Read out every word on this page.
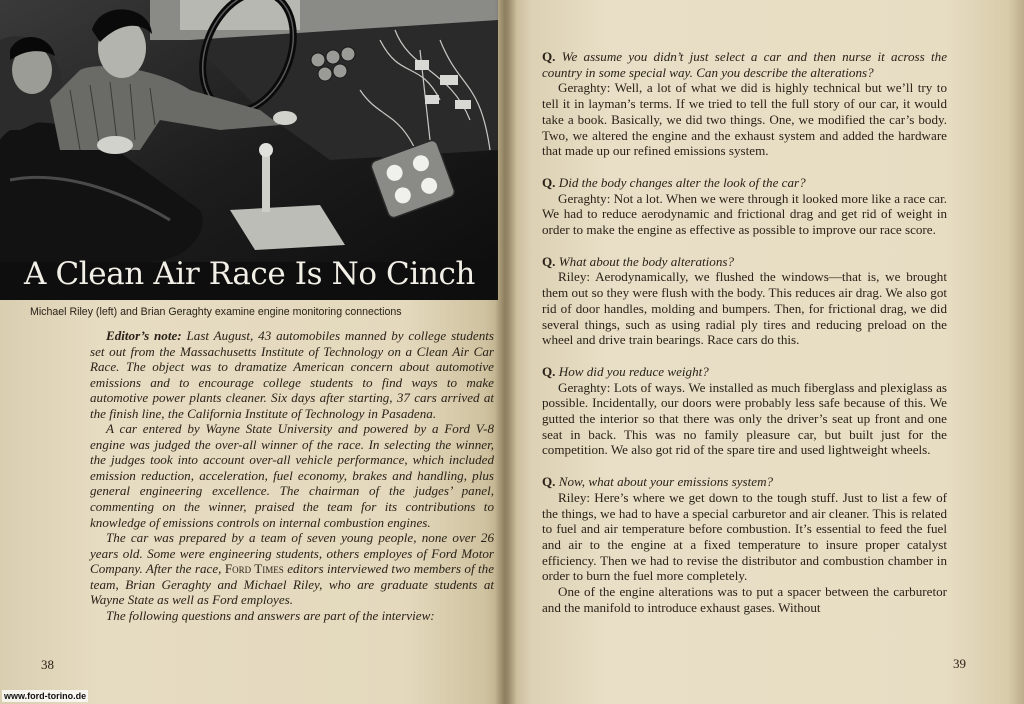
A Clean Air Race Is No Cinch
Michael Riley (left) and Brian Geraghty examine engine monitoring connections

Editor’s note: Last August, 43 automobiles manned by college students set out from the Massachusetts Institute of Technology on a Clean Air Car Race. The object was to dramatize American concern about automotive emissions and to encourage college students to find ways to make automotive power plants cleaner. Six days after starting, 37 cars arrived at the finish line, the California Institute of Technology in Pasadena.

A car entered by Wayne State University and powered by a Ford V-8 engine was judged the over-all winner of the race. In selecting the winner, the judges took into account over-all vehicle performance, which included emission reduction, acceleration, fuel economy, brakes and handling, plus general engineering excellence. The chairman of the judges’ panel, commenting on the winner, praised the team for its contributions to knowledge of emissions controls on internal combustion engines.

The car was prepared by a team of seven young people, none over 26 years old. Some were engineering students, others employes of Ford Motor Company. After the race, Ford Times editors interviewed two members of the team, Brian Geraghty and Michael Riley, who are graduate students at Wayne State as well as Ford employes.

The following questions and answers are part of the interview:

38
www.ford-torino.de

Q. We assume you didn’t just select a car and then nurse it across the country in some special way. Can you describe the alterations?

Geraghty: Well, a lot of what we did is highly technical but we’ll try to tell it in layman’s terms. If we tried to tell the full story of our car, it would take a book. Basically, we did two things. One, we modified the car’s body. Two, we altered the engine and the exhaust system and added the hardware that made up our refined emissions system.

Q. Did the body changes alter the look of the car?

Geraghty: Not a lot. When we were through it looked more like a race car. We had to reduce aerodynamic and frictional drag and get rid of weight in order to make the engine as effective as possible to improve our race score.

Q. What about the body alterations?

Riley: Aerodynamically, we flushed the windows—that is, we brought them out so they were flush with the body. This reduces air drag. We also got rid of door handles, molding and bumpers. Then, for frictional drag, we did several things, such as using radial ply tires and reducing preload on the wheel and drive train bearings. Race cars do this.

Q. How did you reduce weight?

Geraghty: Lots of ways. We installed as much fiberglass and plexiglass as possible. Incidentally, our doors were probably less safe because of this. We gutted the interior so that there was only the driver’s seat up front and one seat in back. This was no family pleasure car, but built just for the competition. We also got rid of the spare tire and used lightweight wheels.

Q. Now, what about your emissions system?

Riley: Here’s where we get down to the tough stuff. Just to list a few of the things, we had to have a special carburetor and air cleaner. This is related to fuel and air temperature before combustion. It’s essential to feed the fuel and air to the engine at a fixed temperature to insure proper catalyst efficiency. Then we had to revise the distributor and combustion chamber in order to burn the fuel more completely.

One of the engine alterations was to put a spacer between the carburetor and the manifold to introduce exhaust gases. Without

39
